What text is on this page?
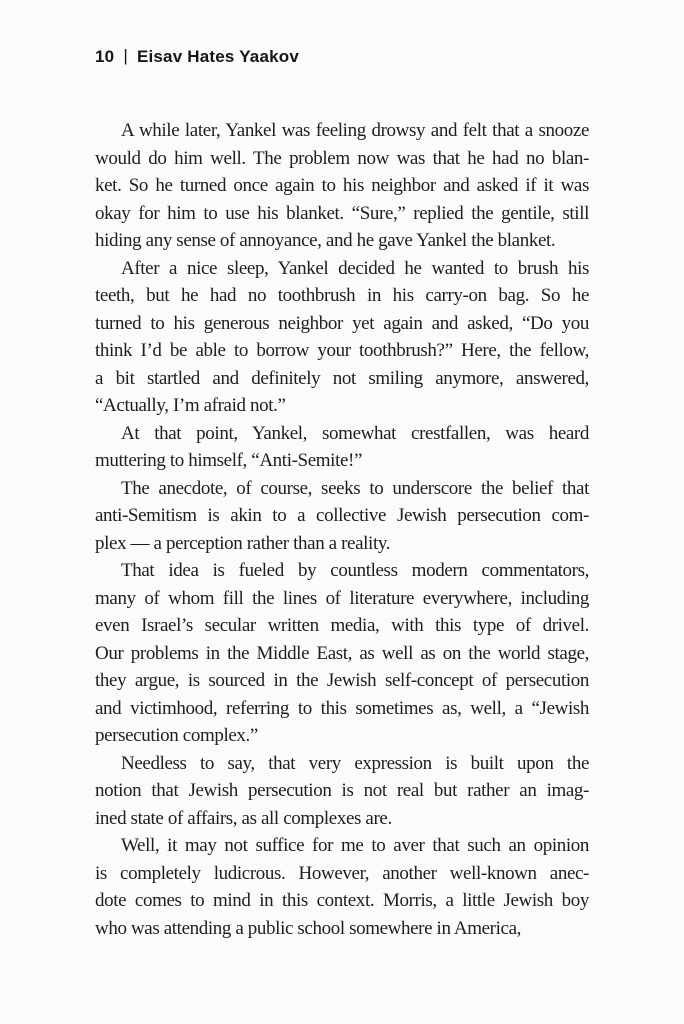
10 | Eisav Hates Yaakov
A while later, Yankel was feeling drowsy and felt that a snooze
would do him well. The problem now was that he had no blan-
ket. So he turned once again to his neighbor and asked if it was
okay for him to use his blanket. “Sure,” replied the gentile, still
hiding any sense of annoyance, and he gave Yankel the blanket.
After a nice sleep, Yankel decided he wanted to brush his
teeth, but he had no toothbrush in his carry-on bag. So he
turned to his generous neighbor yet again and asked, “Do you
think I’d be able to borrow your toothbrush?” Here, the fellow,
a bit startled and definitely not smiling anymore, answered,
“Actually, I’m afraid not.”
At that point, Yankel, somewhat crestfallen, was heard
muttering to himself, “Anti-Semite!”
The anecdote, of course, seeks to underscore the belief that
anti-Semitism is akin to a collective Jewish persecution com-
plex — a perception rather than a reality.
That idea is fueled by countless modern commentators,
many of whom fill the lines of literature everywhere, including
even Israel’s secular written media, with this type of drivel.
Our problems in the Middle East, as well as on the world stage,
they argue, is sourced in the Jewish self-concept of persecution
and victimhood, referring to this sometimes as, well, a “Jewish
persecution complex.”
Needless to say, that very expression is built upon the
notion that Jewish persecution is not real but rather an imag-
ined state of affairs, as all complexes are.
Well, it may not suffice for me to aver that such an opinion
is completely ludicrous. However, another well-known anec-
dote comes to mind in this context. Morris, a little Jewish boy
who was attending a public school somewhere in America,
